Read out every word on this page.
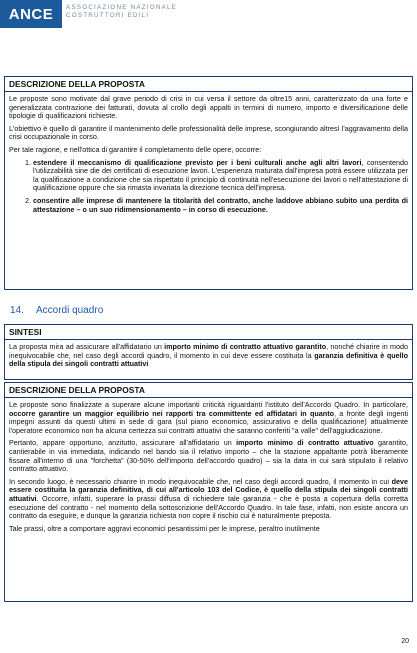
ANCE	ASSOCIAZIONE NAZIONALE
COSTRUTTORI EDILI
DESCRIZIONE DELLA PROPOSTA

Le proposte sono motivate dal grave periodo di crisi in cui versa il settore da oltre15 anni, caratterizzato da una forte e generalizzata contrazione dei fatturati, dovuta al crollo degli appalti in termini di numero, importo e diversificazione delle tipologie di qualificazioni richieste.

L'obiettivo è quello di garantire il mantenimento delle professionalità delle imprese, scongiurando altresì l'aggravamento della crisi occupazionale in corso.

Per tale ragione, e nell'ottica di garantire il completamento delle opere, occorre:

1. estendere il meccanismo di qualificazione previsto per i beni culturali anche agli altri lavori, consentendo l'utilizzabilità sine die dei certificati di esecuzione lavori. L'esperienza maturata dall'impresa potrà essere utilizzata per la qualificazione a condizione che sia rispettato il principio di continuità nell'esecuzione dei lavori o nell'attestazione di qualificazione oppure che sia rimasta invariata la direzione tecnica dell'impresa.
2. consentire alle imprese di mantenere la titolarità del contratto, anche laddove abbiano subito una perdita di attestazione – o un suo ridimensionamento – in corso di esecuzione.
14. Accordi quadro
SINTESI

La proposta mira ad assicurare all'affidatario un importo minimo di contratto attuativo garantito, nonché chiarire in modo inequivocabile che, nel caso degli accordi quadro, il momento in cui deve essere costituita la garanzia definitiva è quello della stipula dei singoli contratti attuativi

DESCRIZIONE DELLA PROPOSTA

Le proposte sono finalizzate a superare alcune importanti criticità riguardanti l'istituto dell'Accordo Quadro. In particolare, occorre garantire un maggior equilibrio nei rapporti tra committente ed affidatari in quanto, a fronte degli ingenti impegni assunti da questi ultimi in sede di gara (sul piano economico, assicurativo e della qualificazione) attualmente l'operatore economico non ha alcuna certezza sui contratti attuativi che saranno conferiti "a valle" dell'aggiudicazione.

Pertanto, appare opportuno, anzitutto, assicurare all'affidatario un importo minimo di contratto attuativo garantito, cantierabile in via immediata, indicando nel bando sia il relativo importo – che la stazione appaltante potrà liberamente fissare all'interno di una "forchetta" (30-50% dell'importo dell'accordo quadro) – sia la data in cui sarà stipulato il relativo contratto attuativo.

In secondo luogo, è necessario chiarire in modo inequivocabile che, nel caso degli accordi quadro, il momento in cui deve essere costituita la garanzia definitiva, di cui all'articolo 103 del Codice, è quello della stipula dei singoli contratti attuativi. Occorre, infatti, superare la prassi diffusa di richiedere tale garanzia - che è posta a copertura della corretta esecuzione del contratto - nel momento della sottoscrizione dell'Accordo Quadro. In tale fase, infatti, non esiste ancora un contratto da eseguire, e dunque la garanzia richiesta non copre il rischio cui è naturalmente preposta.

Tale prassi, oltre a comportare aggravi economici pesantissimi per le imprese, peraltro inutilmente

20
